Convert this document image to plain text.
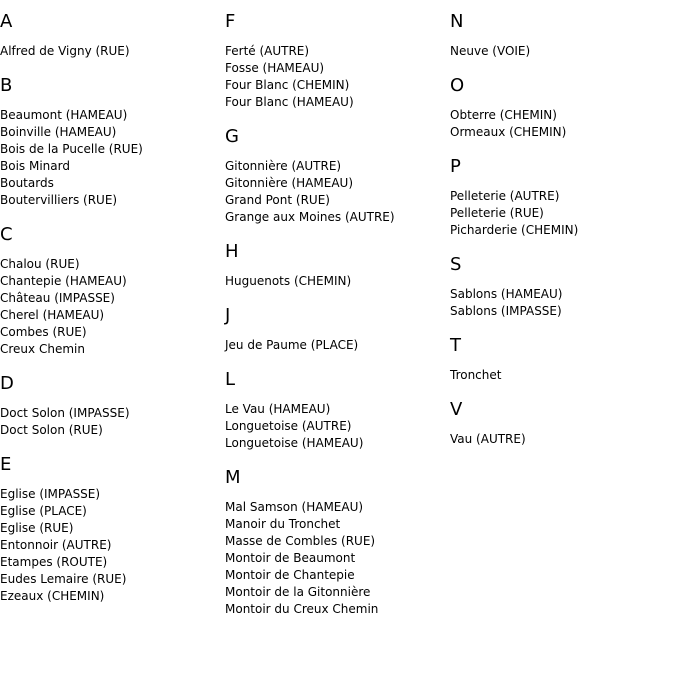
A
Alfred de Vigny (RUE)
B
Beaumont (HAMEAU)
Boinville (HAMEAU)
Bois de la Pucelle (RUE)
Bois Minard
Boutards
Boutervilliers (RUE)
C
Chalou (RUE)
Chantepie (HAMEAU)
Château (IMPASSE)
Cherel (HAMEAU)
Combes (RUE)
Creux Chemin
D
Doct Solon (IMPASSE)
Doct Solon (RUE)
E
Eglise (IMPASSE)
Eglise (PLACE)
Eglise (RUE)
Entonnoir (AUTRE)
Etampes (ROUTE)
Eudes Lemaire (RUE)
Ezeaux (CHEMIN)
F
Ferté (AUTRE)
Fosse (HAMEAU)
Four Blanc (CHEMIN)
Four Blanc (HAMEAU)
G
Gitonnière (AUTRE)
Gitonnière (HAMEAU)
Grand Pont (RUE)
Grange aux Moines (AUTRE)
H
Huguenots (CHEMIN)
J
Jeu de Paume (PLACE)
L
Le Vau (HAMEAU)
Longuetoise (AUTRE)
Longuetoise (HAMEAU)
M
Mal Samson (HAMEAU)
Manoir du Tronchet
Masse de Combles (RUE)
Montoir de Beaumont
Montoir de Chantepie
Montoir de la Gitonnière
Montoir du Creux Chemin
N
Neuve (VOIE)
O
Obterre (CHEMIN)
Ormeaux (CHEMIN)
P
Pelleterie (AUTRE)
Pelleterie (RUE)
Picharderie (CHEMIN)
S
Sablons (HAMEAU)
Sablons (IMPASSE)
T
Tronchet
V
Vau (AUTRE)
